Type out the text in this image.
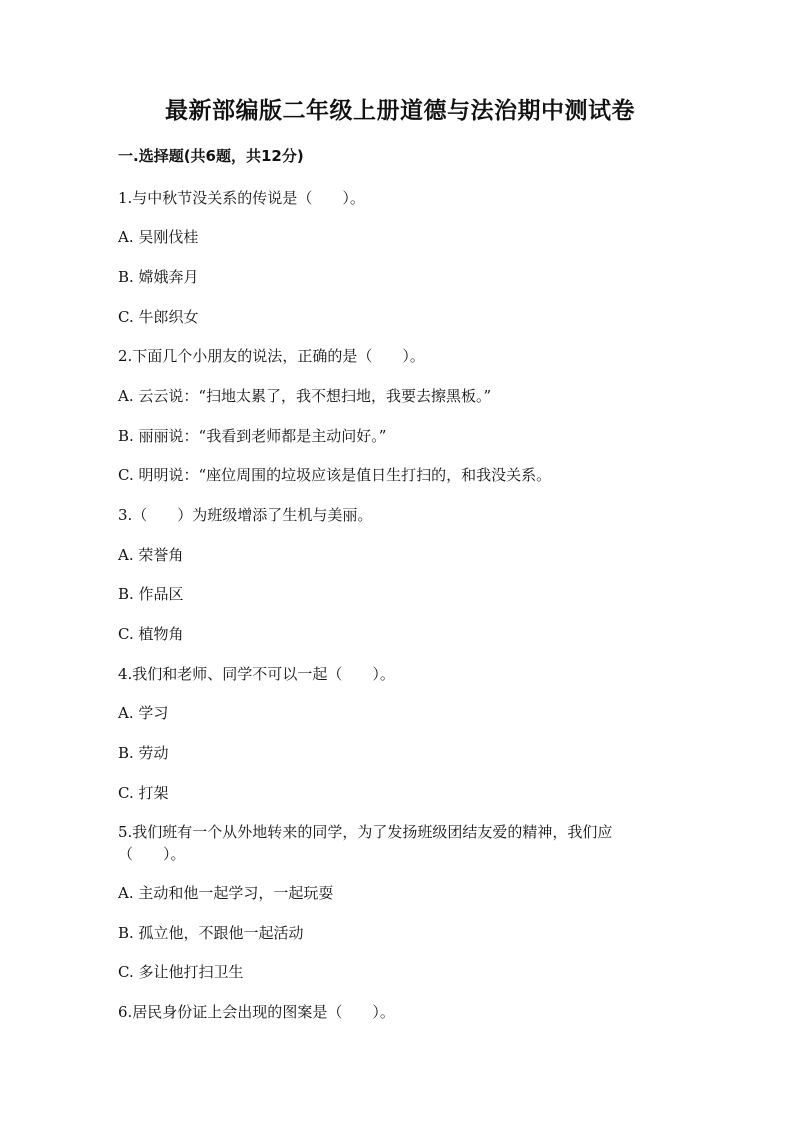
最新部编版二年级上册道德与法治期中测试卷
一.选择题(共6题，共12分)
1.与中秋节没关系的传说是（　　）。
A. 吴刚伐桂
B. 嫦娥奔月
C. 牛郎织女
2.下面几个小朋友的说法，正确的是（　　）。
A. 云云说：“扫地太累了，我不想扫地，我要去擦黑板。”
B. 丽丽说：“我看到老师都是主动问好。”
C. 明明说：“座位周围的垃圾应该是值日生打扫的，和我没关系。
3.（　　）为班级增添了生机与美丽。
A. 荣誉角
B. 作品区
C. 植物角
4.我们和老师、同学不可以一起（　　）。
A. 学习
B. 劳动
C. 打架
5.我们班有一个从外地转来的同学，为了发扬班级团结友爱的精神，我们应
（　　）。
A. 主动和他一起学习，一起玩耍
B. 孤立他，不跟他一起活动
C. 多让他打扫卫生
6.居民身份证上会出现的图案是（　　）。
